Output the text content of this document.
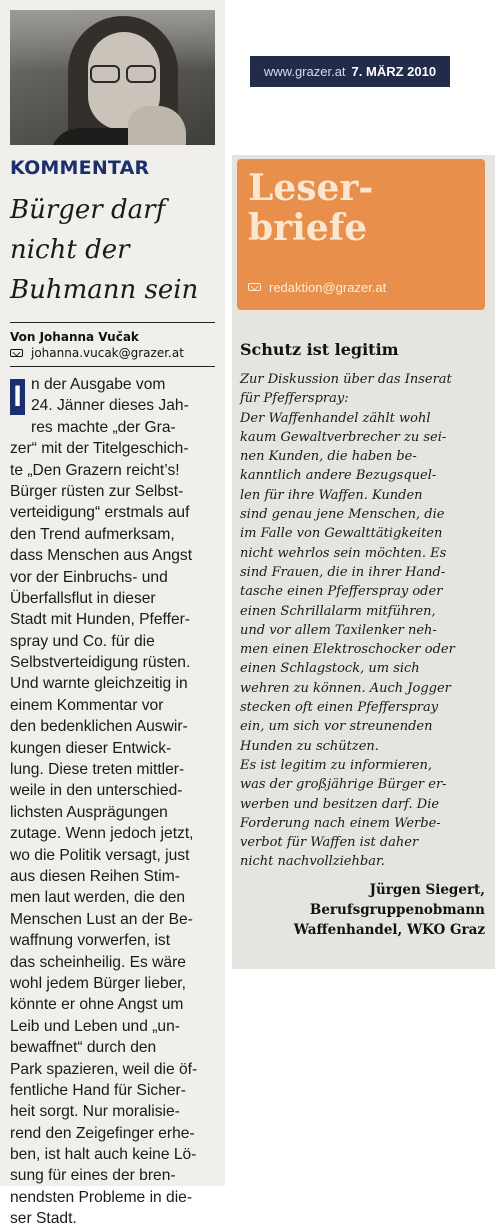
KOMMENTAR
Bürger darf
nicht der
Buhmann sein

Von Johanna Vučak

johanna.vucak@grazer.at
I n der Ausgabe vom
24. Jänner dieses Jah-
res machte „der Gra-
zer“ mit der Titelgeschich-
te „Den Grazern reicht’s!
Bürger rüsten zur Selbst-
verteidigung“ erstmals auf
den Trend aufmerksam,
dass Menschen aus Angst
vor der Einbruchs- und
Überfallsflut in dieser
Stadt mit Hunden, Pfeffer-
spray und Co. für die
Selbstverteidigung rüsten.
Und warnte gleichzeitig in
einem Kommentar vor
den bedenklichen Auswir-
kungen dieser Entwick-
lung. Diese treten mittler-
weile in den unterschied-
lichsten Ausprägungen
zutage. Wenn jedoch jetzt,
wo die Politik versagt, just
aus diesen Reihen Stim-
men laut werden, die den
Menschen Lust an der Be-
waffnung vorwerfen, ist
das scheinheilig. Es wäre
wohl jedem Bürger lieber,
könnte er ohne Angst um
Leib und Leben und „un-
bewaffnet“ durch den
Park spazieren, weil die öf-
fentliche Hand für Sicher-
heit sorgt. Nur moralisie-
rend den Zeigefinger erhe-
ben, ist halt auch keine Lö-
sung für eines der bren-
nendsten Probleme in die-
ser Stadt.
www.grazer.at 7. MÄRZ 2010
Leser-
briefe
redaktion@grazer.at
Schutz ist legitim
Zur Diskussion über das Inserat
für Pfefferspray:
Der Waffenhandel zählt wohl
kaum Gewaltverbrecher zu sei-
nen Kunden, die haben be-
kanntlich andere Bezugsquel-
len für ihre Waffen. Kunden
sind genau jene Menschen, die
im Falle von Gewalttätigkeiten
nicht wehrlos sein möchten. Es
sind Frauen, die in ihrer Hand-
tasche einen Pfefferspray oder
einen Schrillalarm mitführen,
und vor allem Taxilenker neh-
men einen Elektroschocker oder
einen Schlagstock, um sich
wehren zu können. Auch Jogger
stecken oft einen Pfefferspray
ein, um sich vor streunenden
Hunden zu schützen.
Es ist legitim zu informieren,
was der großjährige Bürger er-
werben und besitzen darf. Die
Forderung nach einem Werbe-
verbot für Waffen ist daher
nicht nachvollziehbar.
Jürgen Siegert,
Berufsgruppenobmann
Waffenhandel, WKO Graz
